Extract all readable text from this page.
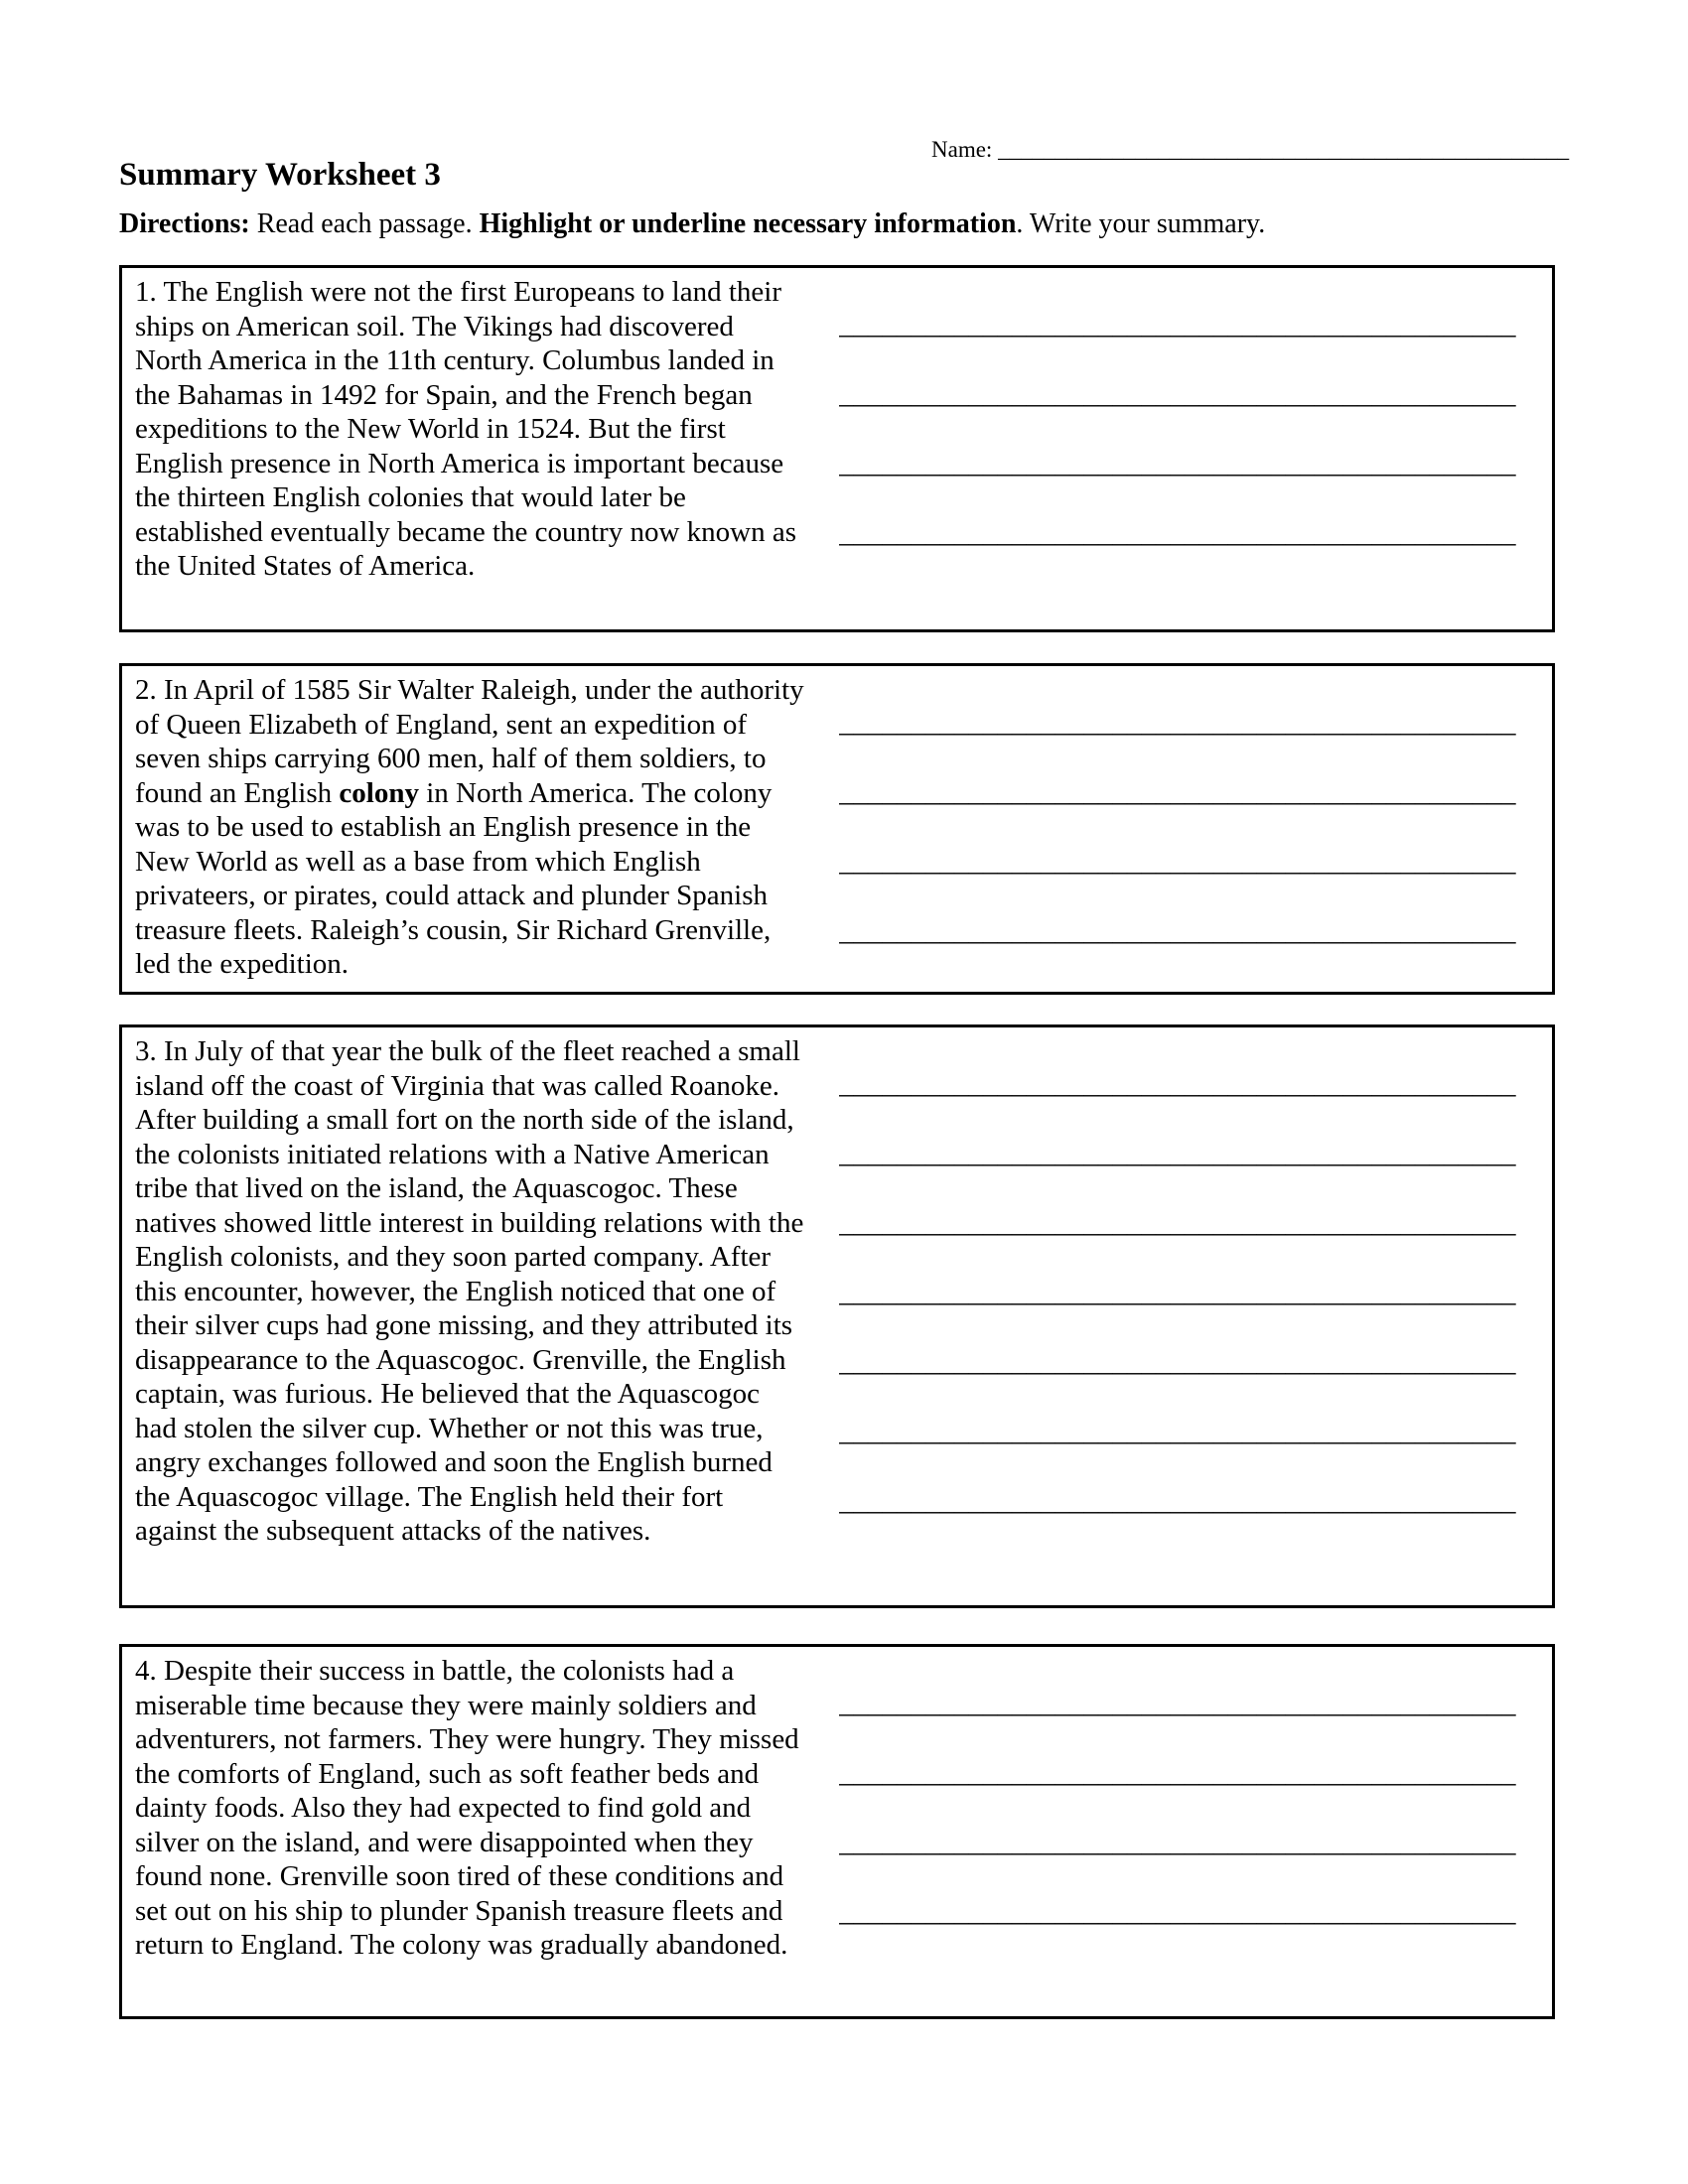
Name: __________________________________________________
Summary Worksheet 3
Directions: Read each passage. Highlight or underline necessary information. Write your summary.
1. The English were not the first Europeans to land their ships on American soil. The Vikings had discovered North America in the 11th century. Columbus landed in the Bahamas in 1492 for Spain, and the French began expeditions to the New World in 1524. But the first English presence in North America is important because the thirteen English colonies that would later be established eventually became the country now known as the United States of America.
_______________________________________________
_______________________________________________
_______________________________________________
_______________________________________________
2. In April of 1585 Sir Walter Raleigh, under the authority of Queen Elizabeth of England, sent an expedition of seven ships carrying 600 men, half of them soldiers, to found an English colony in North America. The colony was to be used to establish an English presence in the New World as well as a base from which English privateers, or pirates, could attack and plunder Spanish treasure fleets. Raleigh’s cousin, Sir Richard Grenville, led the expedition.
_______________________________________________
_______________________________________________
_______________________________________________
_______________________________________________
3. In July of that year the bulk of the fleet reached a small island off the coast of Virginia that was called Roanoke. After building a small fort on the north side of the island, the colonists initiated relations with a Native American tribe that lived on the island, the Aquascogoc. These natives showed little interest in building relations with the English colonists, and they soon parted company. After this encounter, however, the English noticed that one of their silver cups had gone missing, and they attributed its disappearance to the Aquascogoc. Grenville, the English captain, was furious. He believed that the Aquascogoc had stolen the silver cup. Whether or not this was true, angry exchanges followed and soon the English burned the Aquascogoc village. The English held their fort against the subsequent attacks of the natives.
_______________________________________________
_______________________________________________
_______________________________________________
_______________________________________________
_______________________________________________
_______________________________________________
_______________________________________________
4. Despite their success in battle, the colonists had a miserable time because they were mainly soldiers and adventurers, not farmers. They were hungry. They missed the comforts of England, such as soft feather beds and dainty foods. Also they had expected to find gold and silver on the island, and were disappointed when they found none. Grenville soon tired of these conditions and set out on his ship to plunder Spanish treasure fleets and return to England. The colony was gradually abandoned.
_______________________________________________
_______________________________________________
_______________________________________________
_______________________________________________
